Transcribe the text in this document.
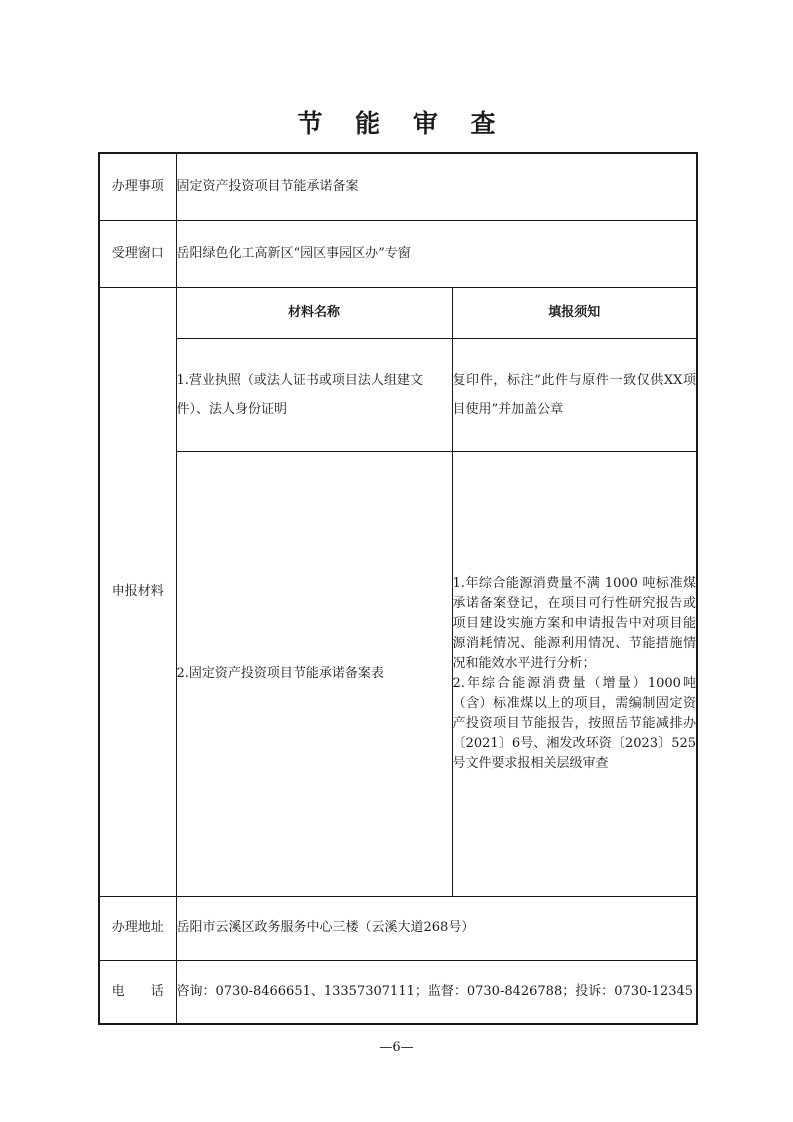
节 能 审 查
办理事项	固定资产投资项目节能承诺备案	
受理窗口	岳阳绿色化工高新区“园区事园区办”专窗	
申报材料	材料名称	填报须知
	1.营业执照（或法人证书或项目法人组建文件）、法人身份证明	复印件，标注“此件与原件一致仅供XX项目使用”并加盖公章

	2.固定资产投资项目节能承诺备案表	1.年综合能源消费量不满 1000 吨标准煤承诺备案登记，在项目可行性研究报告或项目建设实施方案和申请报告中对项目能源消耗情况、能源利用情况、节能措施情况和能效水平进行分析；
2.年综合能源消费量（增量）1000吨（含）标准煤以上的项目，需编制固定资产投资项目节能报告，按照岳节能减排办〔2021〕6号、湘发改环资〔2023〕525号文件要求报相关层级审查

办理地址	岳阳市云溪区政务服务中心三楼（云溪大道268号）	

电 话	咨询：0730-8466651、13357307111；监督：0730-8426788；投诉：0730-12345	
—6—
